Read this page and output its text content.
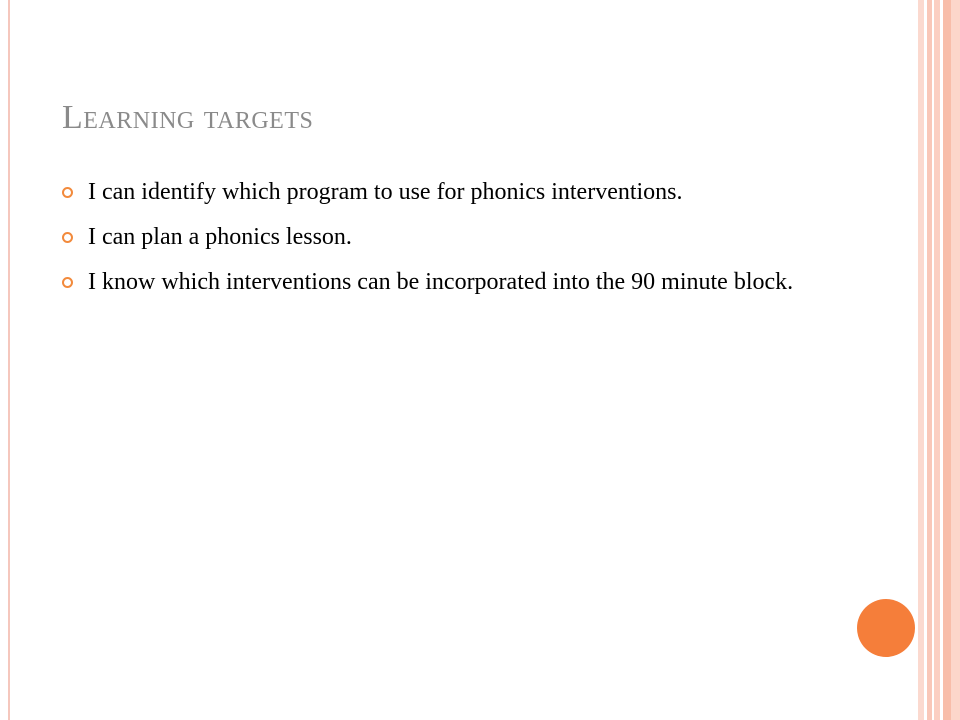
Learning targets
I can identify which program to use for phonics interventions.
I can plan a phonics lesson.
I know which interventions can be incorporated into the 90 minute block.
